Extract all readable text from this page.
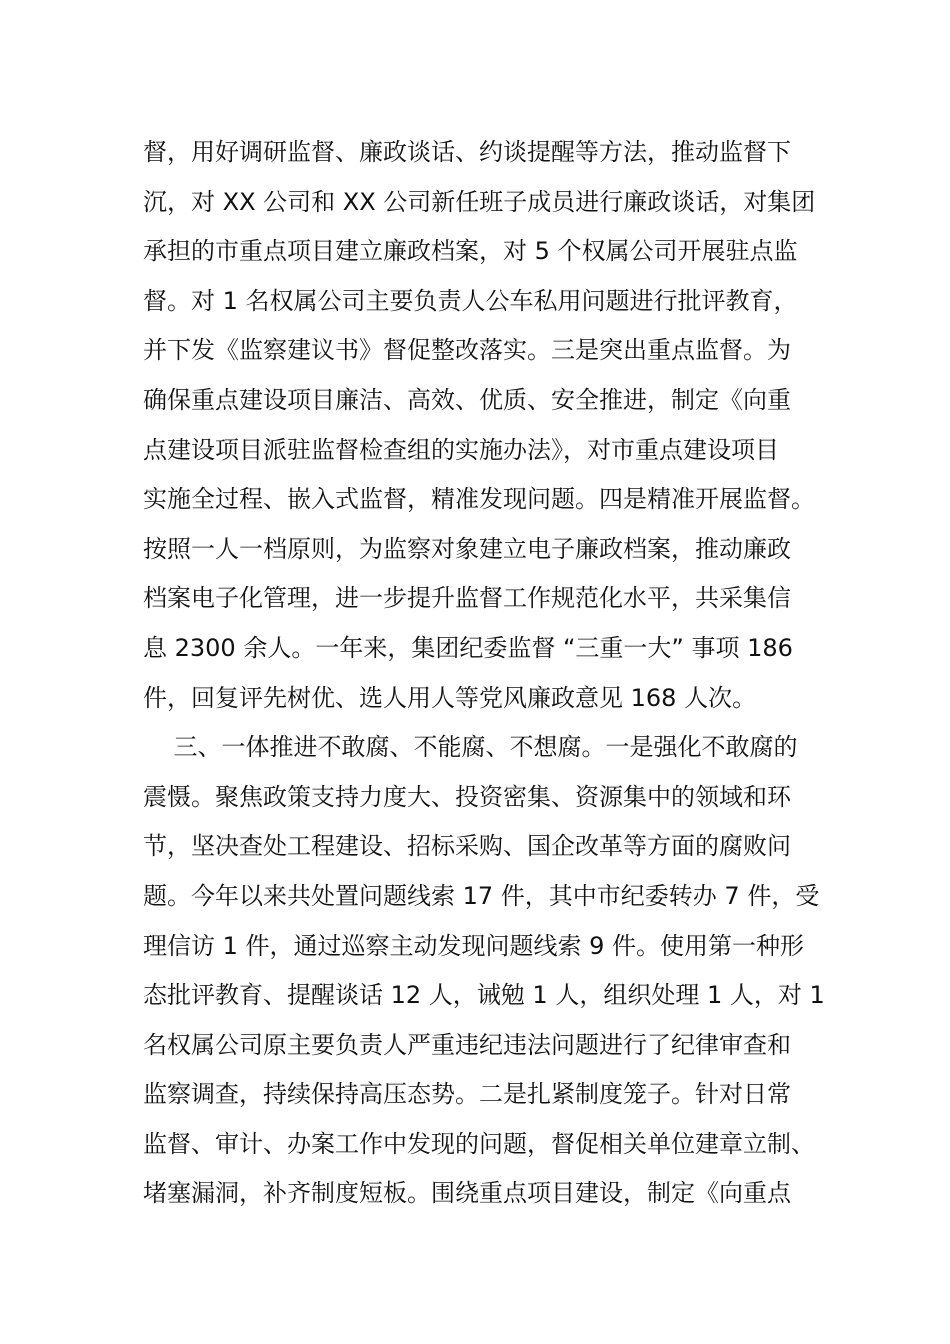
督，用好调研监督、廉政谈话、约谈提醒等方法，推动监督下
沉，对 XX 公司和 XX 公司新任班子成员进行廉政谈话，对集团
承担的市重点项目建立廉政档案，对 5 个权属公司开展驻点监
督。对 1 名权属公司主要负责人公车私用问题进行批评教育，
并下发《监察建议书》督促整改落实。三是突出重点监督。为
确保重点建设项目廉洁、高效、优质、安全推进，制定《向重
点建设项目派驻监督检查组的实施办法》，对市重点建设项目
实施全过程、嵌入式监督，精准发现问题。四是精准开展监督。
按照一人一档原则，为监察对象建立电子廉政档案，推动廉政
档案电子化管理，进一步提升监督工作规范化水平，共采集信
息 2300 余人。一年来，集团纪委监督 “三重一大” 事项 186
件，回复评先树优、选人用人等党风廉政意见 168 人次。
三、一体推进不敢腐、不能腐、不想腐。一是强化不敢腐的
震慑。聚焦政策支持力度大、投资密集、资源集中的领域和环
节，坚决查处工程建设、招标采购、国企改革等方面的腐败问
题。今年以来共处置问题线索 17 件，其中市纪委转办 7 件，受
理信访 1 件，通过巡察主动发现问题线索 9 件。使用第一种形
态批评教育、提醒谈话 12 人，诫勉 1 人，组织处理 1 人，对 1
名权属公司原主要负责人严重违纪违法问题进行了纪律审查和
监察调查，持续保持高压态势。二是扎紧制度笼子。针对日常
监督、审计、办案工作中发现的问题，督促相关单位建章立制、
堵塞漏洞，补齐制度短板。围绕重点项目建设，制定《向重点
